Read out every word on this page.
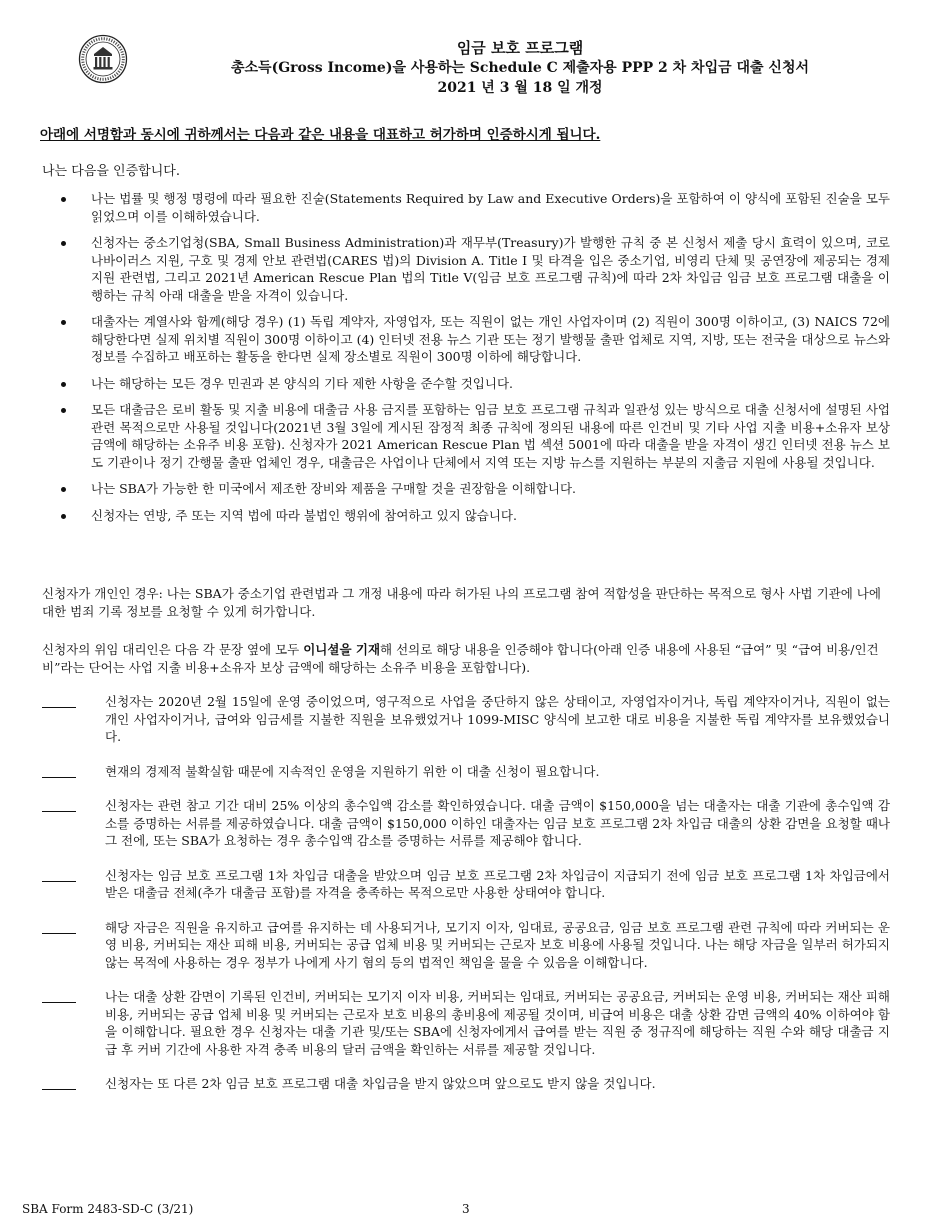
임금 보호 프로그램
총소득(Gross Income)을 사용하는 Schedule C 제출자용 PPP 2 차 차입금 대출 신청서
2021 년 3 월 18 일 개정
아래에 서명함과 동시에 귀하께서는 다음과 같은 내용을 대표하고 허가하며 인증하시게 됩니다.
나는 다음을 인증합니다.
나는 법률 및 행정 명령에 따라 필요한 진술(Statements Required by Law and Executive Orders)을 포함하여 이 양식에 포함된 진술을 모두 읽었으며 이를 이해하였습니다.
신청자는 중소기업청(SBA, Small Business Administration)과 재무부(Treasury)가 발행한 규칙 중 본 신청서 제출 당시 효력이 있으며, 코로나바이러스 지원, 구호 및 경제 안보 관련법(CARES 법)의 Division A. Title I 및 타격을 입은 중소기업, 비영리 단체 및 공연장에 제공되는 경제 지원 관련법, 그리고 2021년 American Rescue Plan 법의 Title V(임금 보호 프로그램 규칙)에 따라 2차 차입금 임금 보호 프로그램 대출을 이행하는 규칙 아래 대출을 받을 자격이 있습니다.
대출자는 계열사와 함께(해당 경우) (1) 독립 계약자, 자영업자, 또는 직원이 없는 개인 사업자이며 (2) 직원이 300명 이하이고, (3) NAICS 72에 해당한다면 실제 위치별 직원이 300명 이하이고 (4) 인터넷 전용 뉴스 기관 또는 정기 발행물 출판 업체로 지역, 지방, 또는 전국을 대상으로 뉴스와 정보를 수집하고 배포하는 활동을 한다면 실제 장소별로 직원이 300명 이하에 해당합니다.
나는 해당하는 모든 경우 민권과 본 양식의 기타 제한 사항을 준수할 것입니다.
모든 대출금은 로비 활동 및 지출 비용에 대출금 사용 금지를 포함하는 임금 보호 프로그램 규칙과 일관성 있는 방식으로 대출 신청서에 설명된 사업 관련 목적으로만 사용될 것입니다(2021년 3월 3일에 게시된 잠정적 최종 규칙에 정의된 내용에 따른 인건비 및 기타 사업 지출 비용+소유자 보상 금액에 해당하는 소유주 비용 포함). 신청자가 2021 American Rescue Plan 법 섹션 5001에 따라 대출을 받을 자격이 생긴 인터넷 전용 뉴스 보도 기관이나 정기 간행물 출판 업체인 경우, 대출금은 사업이나 단체에서 지역 또는 지방 뉴스를 지원하는 부분의 지출금 지원에 사용될 것입니다.
나는 SBA가 가능한 한 미국에서 제조한 장비와 제품을 구매할 것을 권장함을 이해합니다.
신청자는 연방, 주 또는 지역 법에 따라 불법인 행위에 참여하고 있지 않습니다.
신청자가 개인인 경우: 나는 SBA가 중소기업 관련법과 그 개정 내용에 따라 허가된 나의 프로그램 참여 적합성을 판단하는 목적으로 형사 사법 기관에 나에 대한 범죄 기록 정보를 요청할 수 있게 허가합니다.
신청자의 위임 대리인은 다음 각 문장 옆에 모두 이니셜을 기재해 선의로 해당 내용을 인증해야 합니다(아래 인증 내용에 사용된 “급여” 및 “급여 비용/인건비”라는 단어는 사업 지출 비용+소유자 보상 금액에 해당하는 소유주 비용을 포함합니다).
신청자는 2020년 2월 15일에 운영 중이었으며, 영구적으로 사업을 중단하지 않은 상태이고, 자영업자이거나, 독립 계약자이거나, 직원이 없는 개인 사업자이거나, 급여와 임금세를 지불한 직원을 보유했었거나 1099-MISC 양식에 보고한 대로 비용을 지불한 독립 계약자를 보유했었습니다.
현재의 경제적 불확실함 때문에 지속적인 운영을 지원하기 위한 이 대출 신청이 필요합니다.
신청자는 관련 참고 기간 대비 25% 이상의 총수입액 감소를 확인하였습니다. 대출 금액이 $150,000을 넘는 대출자는 대출 기관에 총수입액 감소를 증명하는 서류를 제공하였습니다. 대출 금액이 $150,000 이하인 대출자는 임금 보호 프로그램 2차 차입금 대출의 상환 감면을 요청할 때나 그 전에, 또는 SBA가 요청하는 경우 총수입액 감소를 증명하는 서류를 제공해야 합니다.
신청자는 임금 보호 프로그램 1차 차입금 대출을 받았으며 임금 보호 프로그램 2차 차입금이 지급되기 전에 임금 보호 프로그램 1차 차입금에서 받은 대출금 전체(추가 대출금 포함)를 자격을 충족하는 목적으로만 사용한 상태여야 합니다.
해당 자금은 직원을 유지하고 급여를 유지하는 데 사용되거나, 모기지 이자, 임대료, 공공요금, 임금 보호 프로그램 관련 규칙에 따라 커버되는 운영 비용, 커버되는 재산 피해 비용, 커버되는 공급 업체 비용 및 커버되는 근로자 보호 비용에 사용될 것입니다. 나는 해당 자금을 일부러 허가되지 않는 목적에 사용하는 경우 정부가 나에게 사기 혐의 등의 법적인 책임을 물을 수 있음을 이해합니다.
나는 대출 상환 감면이 기록된 인건비, 커버되는 모기지 이자 비용, 커버되는 임대료, 커버되는 공공요금, 커버되는 운영 비용, 커버되는 재산 피해 비용, 커버되는 공급 업체 비용 및 커버되는 근로자 보호 비용의 총비용에 제공될 것이며, 비급여 비용은 대출 상환 감면 금액의 40% 이하여야 함을 이해합니다. 필요한 경우 신청자는 대출 기관 및/또는 SBA에 신청자에게서 급여를 받는 직원 중 정규직에 해당하는 직원 수와 해당 대출금 지급 후 커버 기간에 사용한 자격 충족 비용의 달러 금액을 확인하는 서류를 제공할 것입니다.
신청자는 또 다른 2차 임금 보호 프로그램 대출 차입금을 받지 않았으며 앞으로도 받지 않을 것입니다.
SBA Form 2483-SD-C (3/21)	3
